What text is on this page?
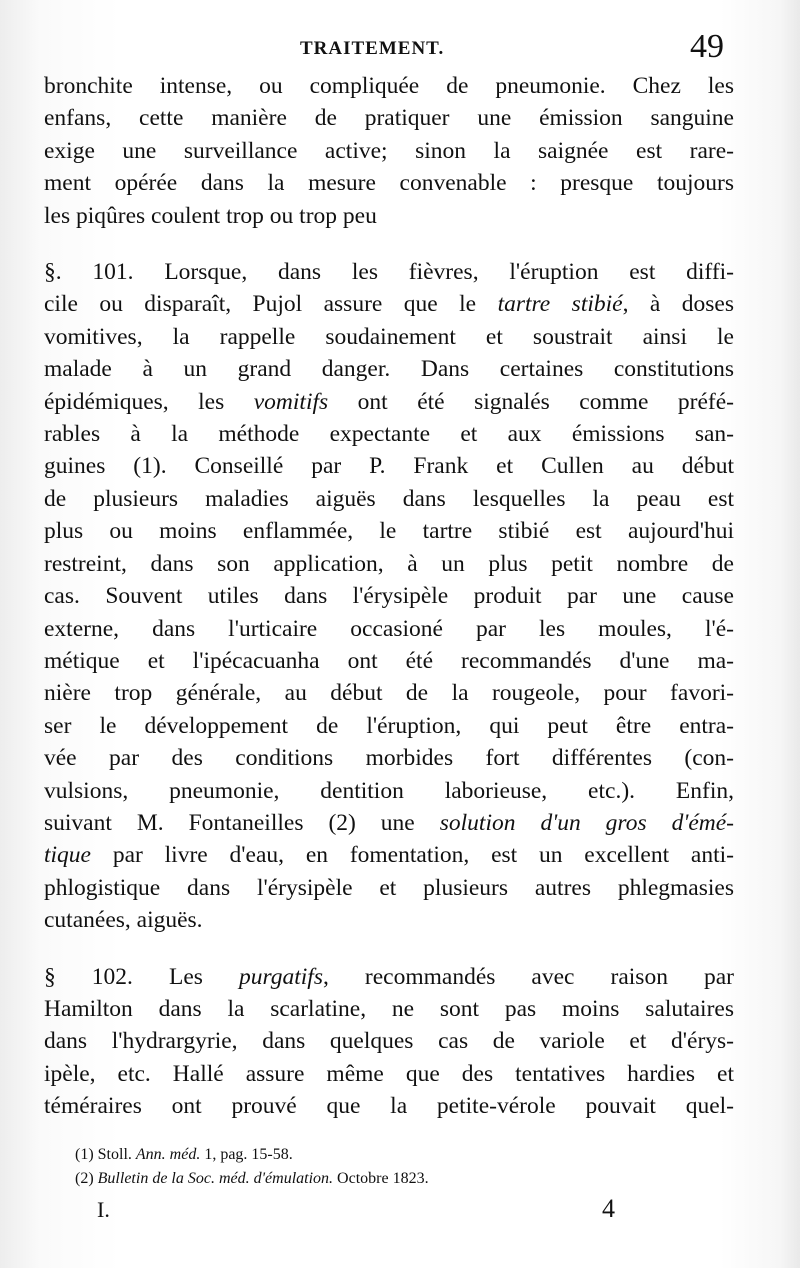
TRAITEMENT.	49
bronchite intense, ou compliquée de pneumonie. Chez les
enfans, cette manière de pratiquer une émission sanguine
exige une surveillance active; sinon la saignée est rare-
ment opérée dans la mesure convenable : presque toujours
les piqûres coulent trop ou trop peu
§. 101. Lorsque, dans les fièvres, l'éruption est diffi-
cile ou disparaît, Pujol assure que le tartre stibié, à doses
vomitives, la rappelle soudainement et soustrait ainsi le
malade à un grand danger. Dans certaines constitutions
épidémiques, les vomitifs ont été signalés comme préfé-
rables à la méthode expectante et aux émissions san-
guines (1). Conseillé par P. Frank et Cullen au début
de plusieurs maladies aiguës dans lesquelles la peau est
plus ou moins enflammée, le tartre stibié est aujourd'hui
restreint, dans son application, à un plus petit nombre de
cas. Souvent utiles dans l'érysipèle produit par une cause
externe, dans l'urticaire occasioné par les moules, l'é-
métique et l'ipécacuanha ont été recommandés d'une ma-
nière trop générale, au début de la rougeole, pour favori-
ser le développement de l'éruption, qui peut être entra-
vée par des conditions morbides fort différentes (con-
vulsions, pneumonie, dentition laborieuse, etc.). Enfin,
suivant M. Fontaneilles (2) une solution d'un gros d'émé-
tique par livre d'eau, en fomentation, est un excellent anti-
phlogistique dans l'érysipèle et plusieurs autres phlegmasies
cutanées, aiguës.
§ 102. Les purgatifs, recommandés avec raison par
Hamilton dans la scarlatine, ne sont pas moins salutaires
dans l'hydrargyrie, dans quelques cas de variole et d'érys-
ipèle, etc. Hallé assure même que des tentatives hardies et
téméraires ont prouvé que la petite-vérole pouvait quel-
(1) Stoll. Ann. méd. 1, pag. 15-58.
(2) Bulletin de la Soc. méd. d'émulation. Octobre 1823.
I.	4
